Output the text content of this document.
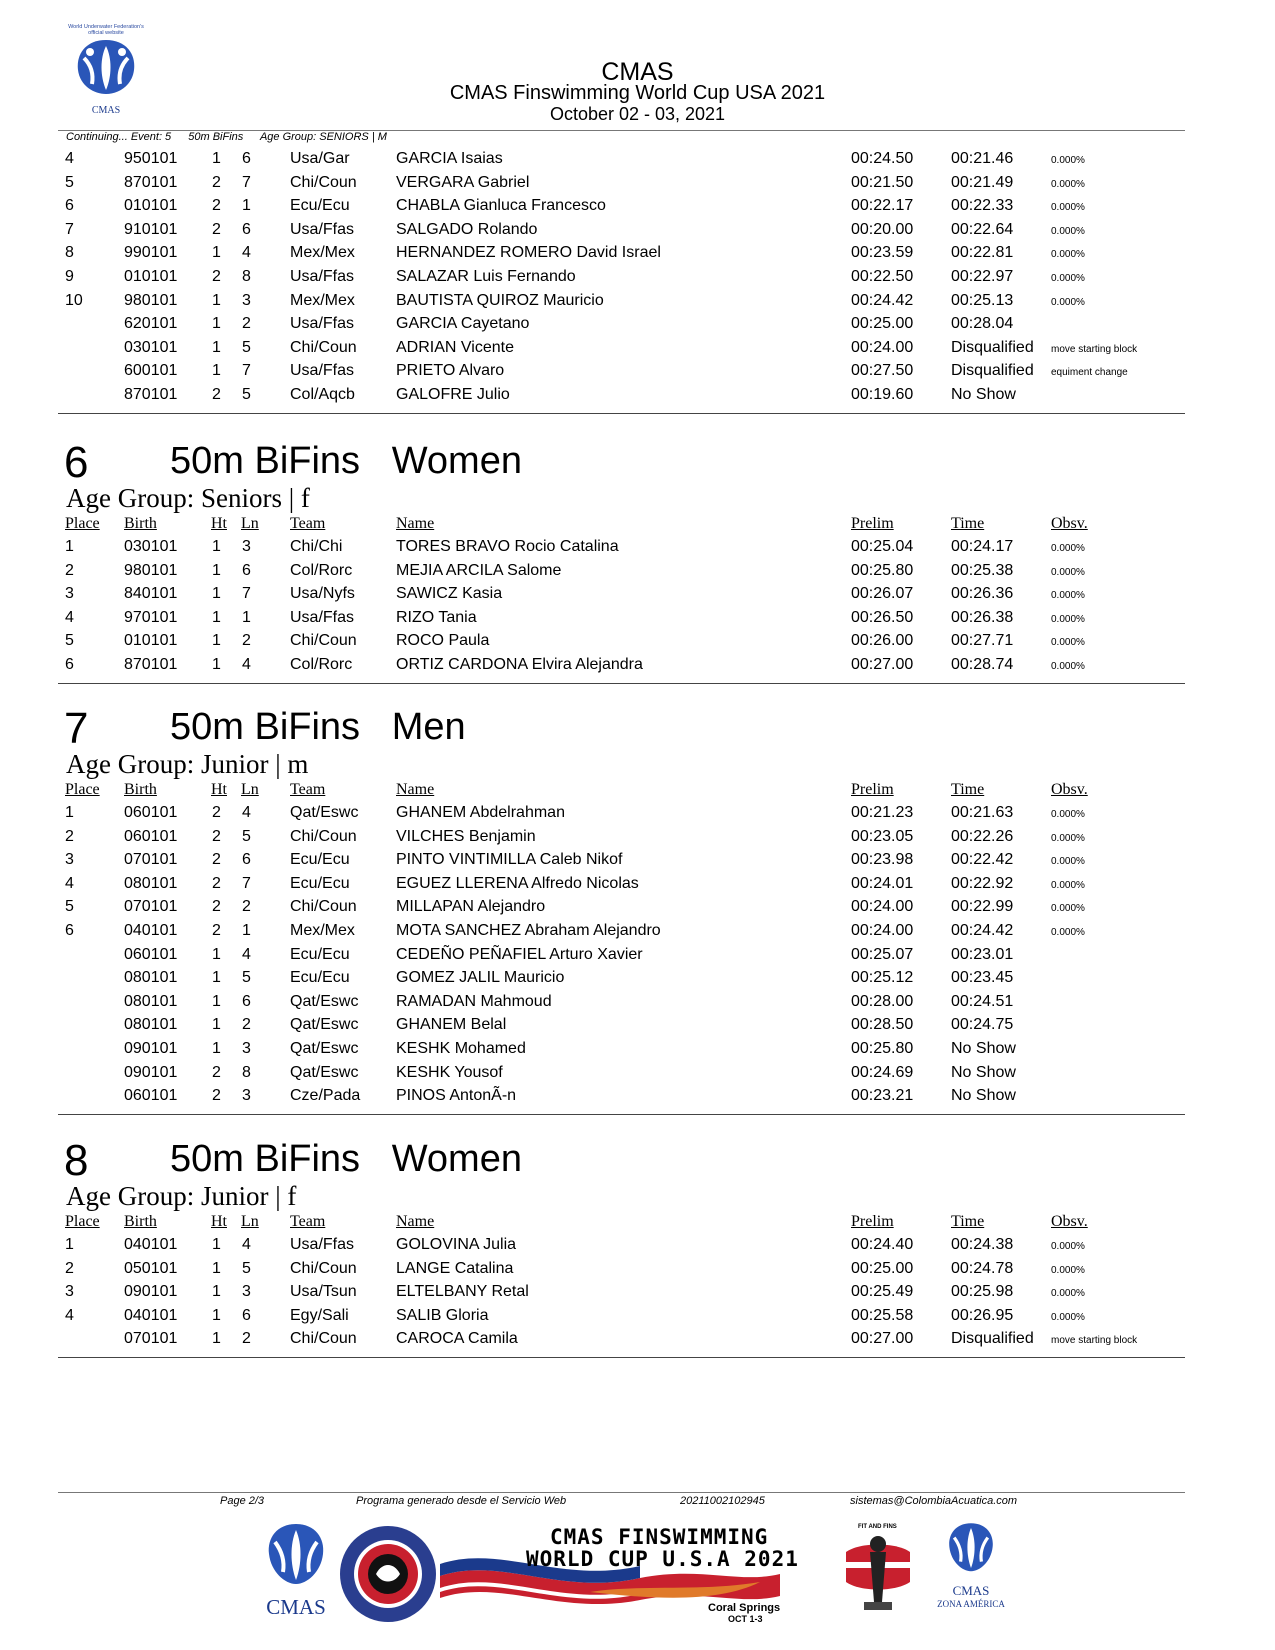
World Underwater Federation's
official website
CMAS
CMAS
CMAS Finswimming World Cup USA 2021
October 02 - 03, 2021
Continuing... Event: 5 50m BiFins Age Group: SENIORS | M
4	950101 1 6 Usa/Gar	GARCIA Isaias	00:24.50 00:21.46	0.000%
5	870101 2 7 Chi/Coun VERGARA Gabriel	00:21.50 00:21.49	0.000%
6	010101 2 1 Ecu/Ecu	CHABLA Gianluca Francesco	00:22.17 00:22.33	0.000%
7	910101 2 6 Usa/Ffas	SALGADO Rolando	00:20.00 00:22.64	0.000%
8	990101 1 4 Mex/Mex	HERNANDEZ ROMERO David Israel	00:23.59 00:22.81	0.000%
9	010101 2 8 Usa/Ffas	SALAZAR Luis Fernando	00:22.50 00:22.97	0.000%
10	980101 1 3 Mex/Mex	BAUTISTA QUIROZ Mauricio	00:24.42 00:25.13	0.000%
620101 1 2 Usa/Ffas	GARCIA Cayetano	00:25.00 00:28.04
030101 1 5 Chi/Coun ADRIAN Vicente	00:24.00 Disqualified move starting block
600101 1 7 Usa/Ffas	PRIETO Alvaro	00:27.50 Disqualified equiment change
870101 2 5 Col/Aqcb	GALOFRE Julio	00:19.60 No Show
6 50m BiFins   Women
Age Group: Seniors | f
Place Birth	Ht Ln Team	Name	Prelim	Time	Obsv.
1	030101 1 3 Chi/Chi	TORES BRAVO Rocio Catalina	00:25.04 00:24.17	0.000%
2	980101 1 6 Col/Rorc	MEJIA ARCILA Salome	00:25.80 00:25.38	0.000%
3	840101 1 7 Usa/Nyfs	SAWICZ Kasia	00:26.07 00:26.36	0.000%
4	970101 1 1 Usa/Ffas	RIZO Tania	00:26.50 00:26.38	0.000%
5	010101 1 2 Chi/Coun ROCO Paula	00:26.00 00:27.71	0.000%
6	870101 1 4 Col/Rorc	ORTIZ CARDONA Elvira Alejandra	00:27.00 00:28.74	0.000%
7 50m BiFins   Men
Age Group: Junior | m
Place Birth	Ht Ln Team	Name	Prelim	Time	Obsv.
1	060101 2 4 Qat/Eswc GHANEM Abdelrahman	00:21.23 00:21.63	0.000%
2	060101 2 5 Chi/Coun VILCHES Benjamin	00:23.05 00:22.26	0.000%
3	070101 2 6 Ecu/Ecu	PINTO VINTIMILLA Caleb Nikof	00:23.98 00:22.42	0.000%
4	080101 2 7 Ecu/Ecu	EGUEZ LLERENA Alfredo Nicolas	00:24.01 00:22.92	0.000%
5	070101 2 2 Chi/Coun MILLAPAN Alejandro	00:24.00 00:22.99	0.000%
6	040101 2 1 Mex/Mex	MOTA SANCHEZ Abraham Alejandro	00:24.00 00:24.42	0.000%
060101 1 4 Ecu/Ecu	CEDEÑO PEÑAFIEL Arturo Xavier	00:25.07 00:23.01
080101 1 5 Ecu/Ecu	GOMEZ JALIL Mauricio	00:25.12 00:23.45
080101 1 6 Qat/Eswc RAMADAN Mahmoud	00:28.00 00:24.51
080101 1 2 Qat/Eswc GHANEM Belal	00:28.50 00:24.75
090101 1 3 Qat/Eswc KESHK Mohamed	00:25.80 No Show
090101 2 8 Qat/Eswc KESHK Yousof	00:24.69 No Show
060101 2 3 Cze/Pada PINOS AntonÃ-n	00:23.21 No Show
8 50m BiFins   Women
Age Group: Junior | f
Place Birth	Ht Ln Team	Name	Prelim	Time	Obsv.
1	040101 1 4 Usa/Ffas	GOLOVINA Julia	00:24.40 00:24.38	0.000%
2	050101 1 5 Chi/Coun LANGE Catalina	00:25.00 00:24.78	0.000%
3	090101 1 3 Usa/Tsun ELTELBANY Retal	00:25.49 00:25.98	0.000%
4	040101 1 6 Egy/Sali	SALIB Gloria	00:25.58 00:26.95	0.000%
070101 1 2 Chi/Coun CAROCA Camila	00:27.00 Disqualified move starting block
Page 2/3	Programa generado desde el Servicio Web	20211002102945	sistemas@ColombiaAcuatica.com
CMAS
CMAS FINSWIMMING
WORLD CUP U.S.A 2021
Coral Springs
OCT 1-3
FIT AND FINS
CMAS
ZONA AMÉRICA
